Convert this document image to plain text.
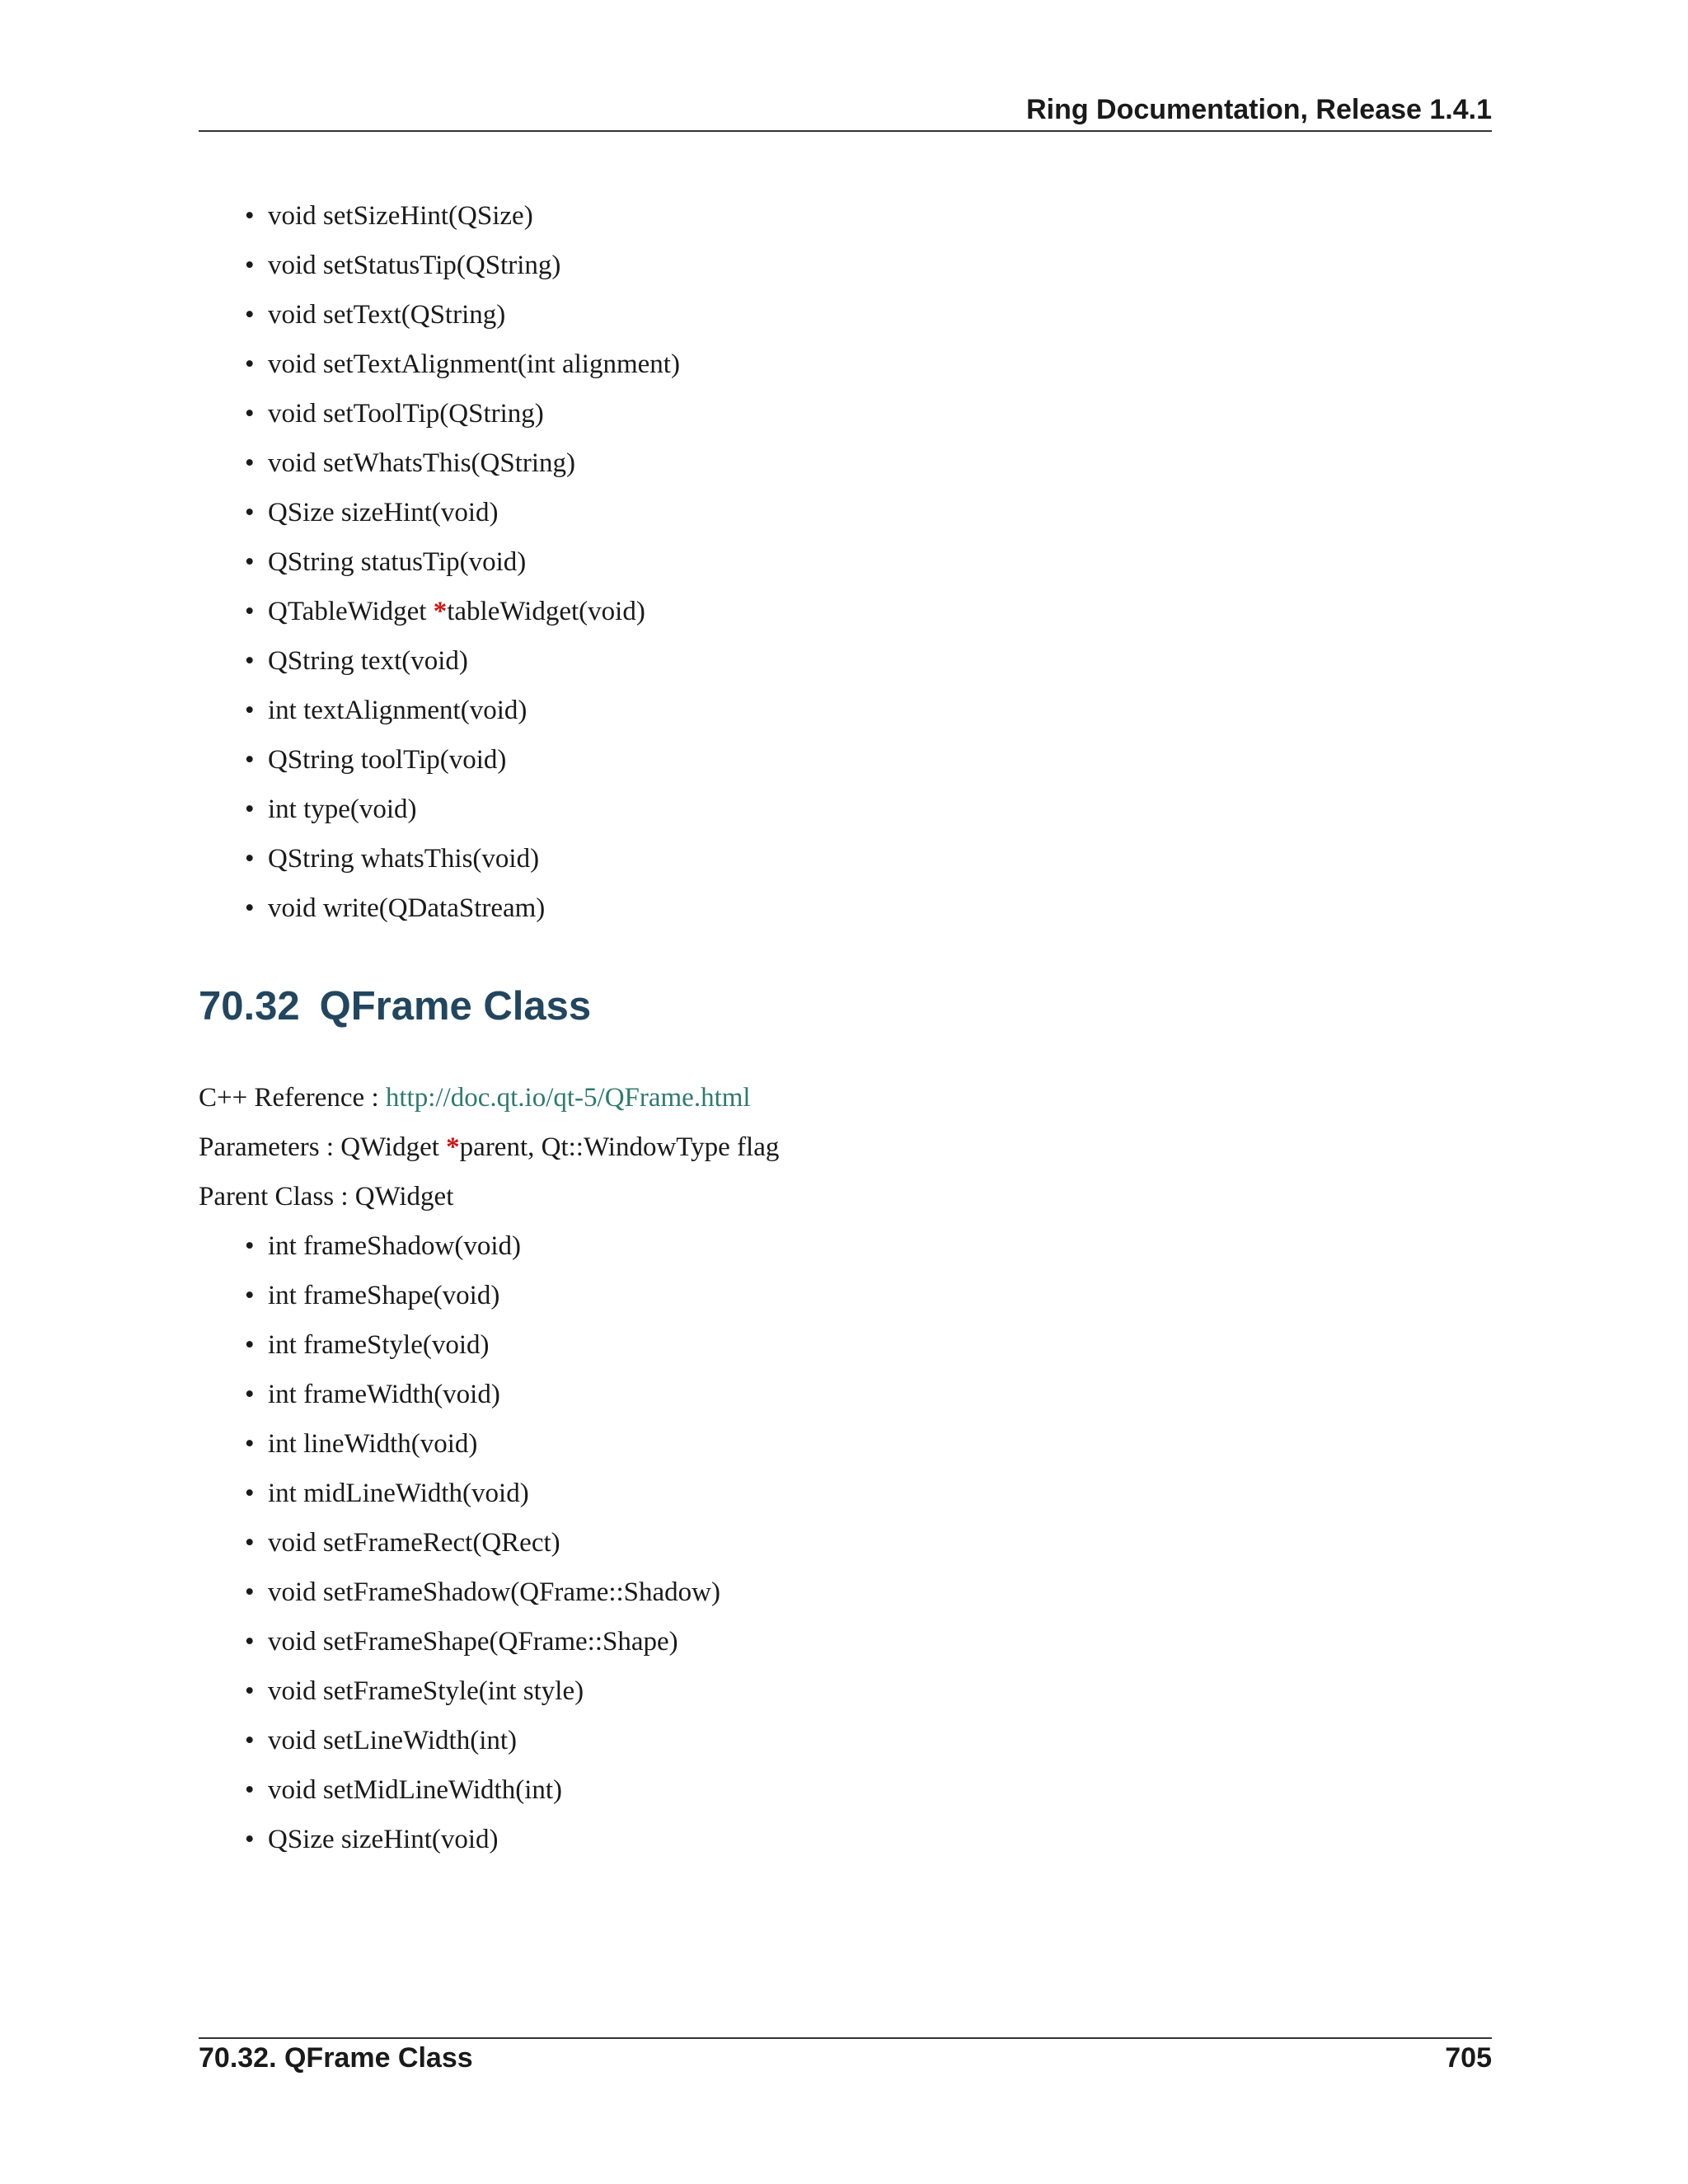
Ring Documentation, Release 1.4.1
• void setSizeHint(QSize)
• void setStatusTip(QString)
• void setText(QString)
• void setTextAlignment(int alignment)
• void setToolTip(QString)
• void setWhatsThis(QString)
• QSize sizeHint(void)
• QString statusTip(void)
• QTableWidget *tableWidget(void)
• QString text(void)
• int textAlignment(void)
• QString toolTip(void)
• int type(void)
• QString whatsThis(void)
• void write(QDataStream)
70.32 QFrame Class
C++ Reference : http://doc.qt.io/qt-5/QFrame.html
Parameters : QWidget *parent, Qt::WindowType flag
Parent Class : QWidget
• int frameShadow(void)
• int frameShape(void)
• int frameStyle(void)
• int frameWidth(void)
• int lineWidth(void)
• int midLineWidth(void)
• void setFrameRect(QRect)
• void setFrameShadow(QFrame::Shadow)
• void setFrameShape(QFrame::Shape)
• void setFrameStyle(int style)
• void setLineWidth(int)
• void setMidLineWidth(int)
• QSize sizeHint(void)
70.32. QFrame Class	705
